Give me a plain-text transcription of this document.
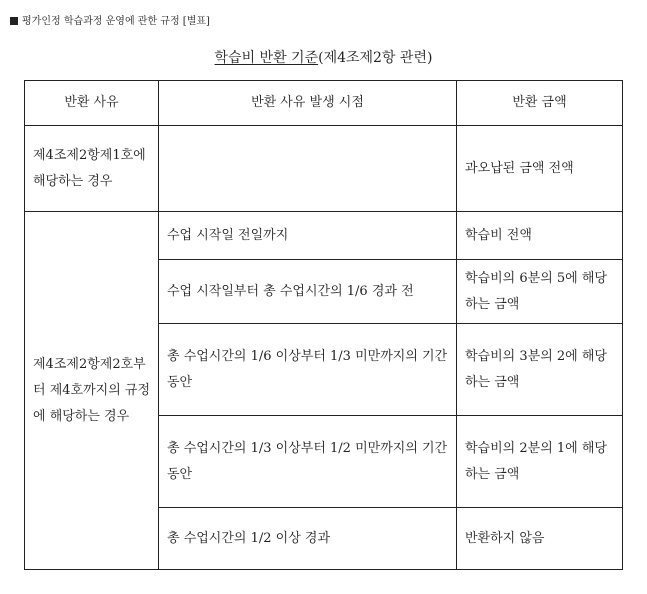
평가인정 학습과정 운영에 관한 규정 [별표]
학습비 반환 기준(제4조제2항 관련)
반환 사유	반환 사유 발생 시점	반환 금액
제4조제2항제1호에 해당하는 경우		과오납된 금액 전액
제4조제2항제2호부터 제4호까지의 규정에 해당하는 경우	수업 시작일 전일까지	학습비 전액
	수업 시작일부터 총 수업시간의 1/6 경과 전	학습비의 6분의 5에 해당하는 금액
	총 수업시간의 1/6 이상부터 1/3 미만까지의 기간 동안	학습비의 3분의 2에 해당하는 금액
	총 수업시간의 1/3 이상부터 1/2 미만까지의 기간 동안	학습비의 2분의 1에 해당하는 금액
	총 수업시간의 1/2 이상 경과	반환하지 않음
